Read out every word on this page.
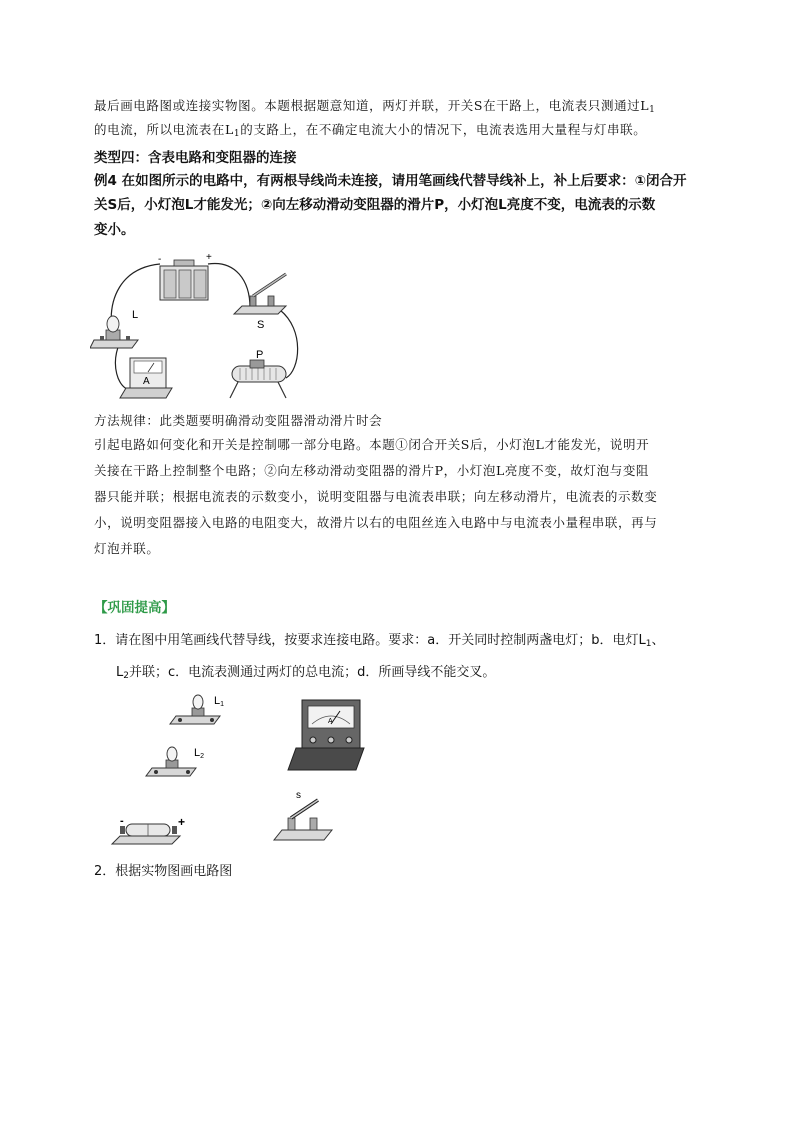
最后画电路图或连接实物图。本题根据题意知道，两灯并联，开关S在干路上，电流表只测通过$L_1$
的电流，所以电流表在$L_1$的支路上，在不确定电流大小的情况下，电流表选用大量程与灯串联。
类型四：含表电路和变阻器的连接
例4 在如图所示的电路中，有两根导线尚未连接，请用笔画线代替导线补上，补上后要求：①闭合开
关S后，小灯泡L才能发光；②向左移动滑动变阻器的滑片P，小灯泡L亮度不变，电流表的示数
变小。
-	+
S
L
A
P
方法规律：此类题要明确滑动变阻器滑动滑片时会
引起电路如何变化和开关是控制哪一部分电路。本题①闭合开关S后，小灯泡L才能发光，说明开
关接在干路上控制整个电路；②向左移动滑动变阻器的滑片P，小灯泡L亮度不变，故灯泡与变阻
器只能并联；根据电流表的示数变小，说明变阻器与电流表串联；向左移动滑片，电流表的示数变
小，说明变阻器接入电路的电阻变大，故滑片以右的电阻丝连入电路中与电流表小量程串联，再与
灯泡并联。
【巩固提高】
1．请在图中用笔画线代替导线，按要求连接电路。要求：a．开关同时控制两盏电灯；b．电灯$L_1$、
$L_2$并联；c．电流表测通过两灯的总电流；d．所画导线不能交叉。
L1
L2
A
-	+
s
2．根据实物图画电路图
